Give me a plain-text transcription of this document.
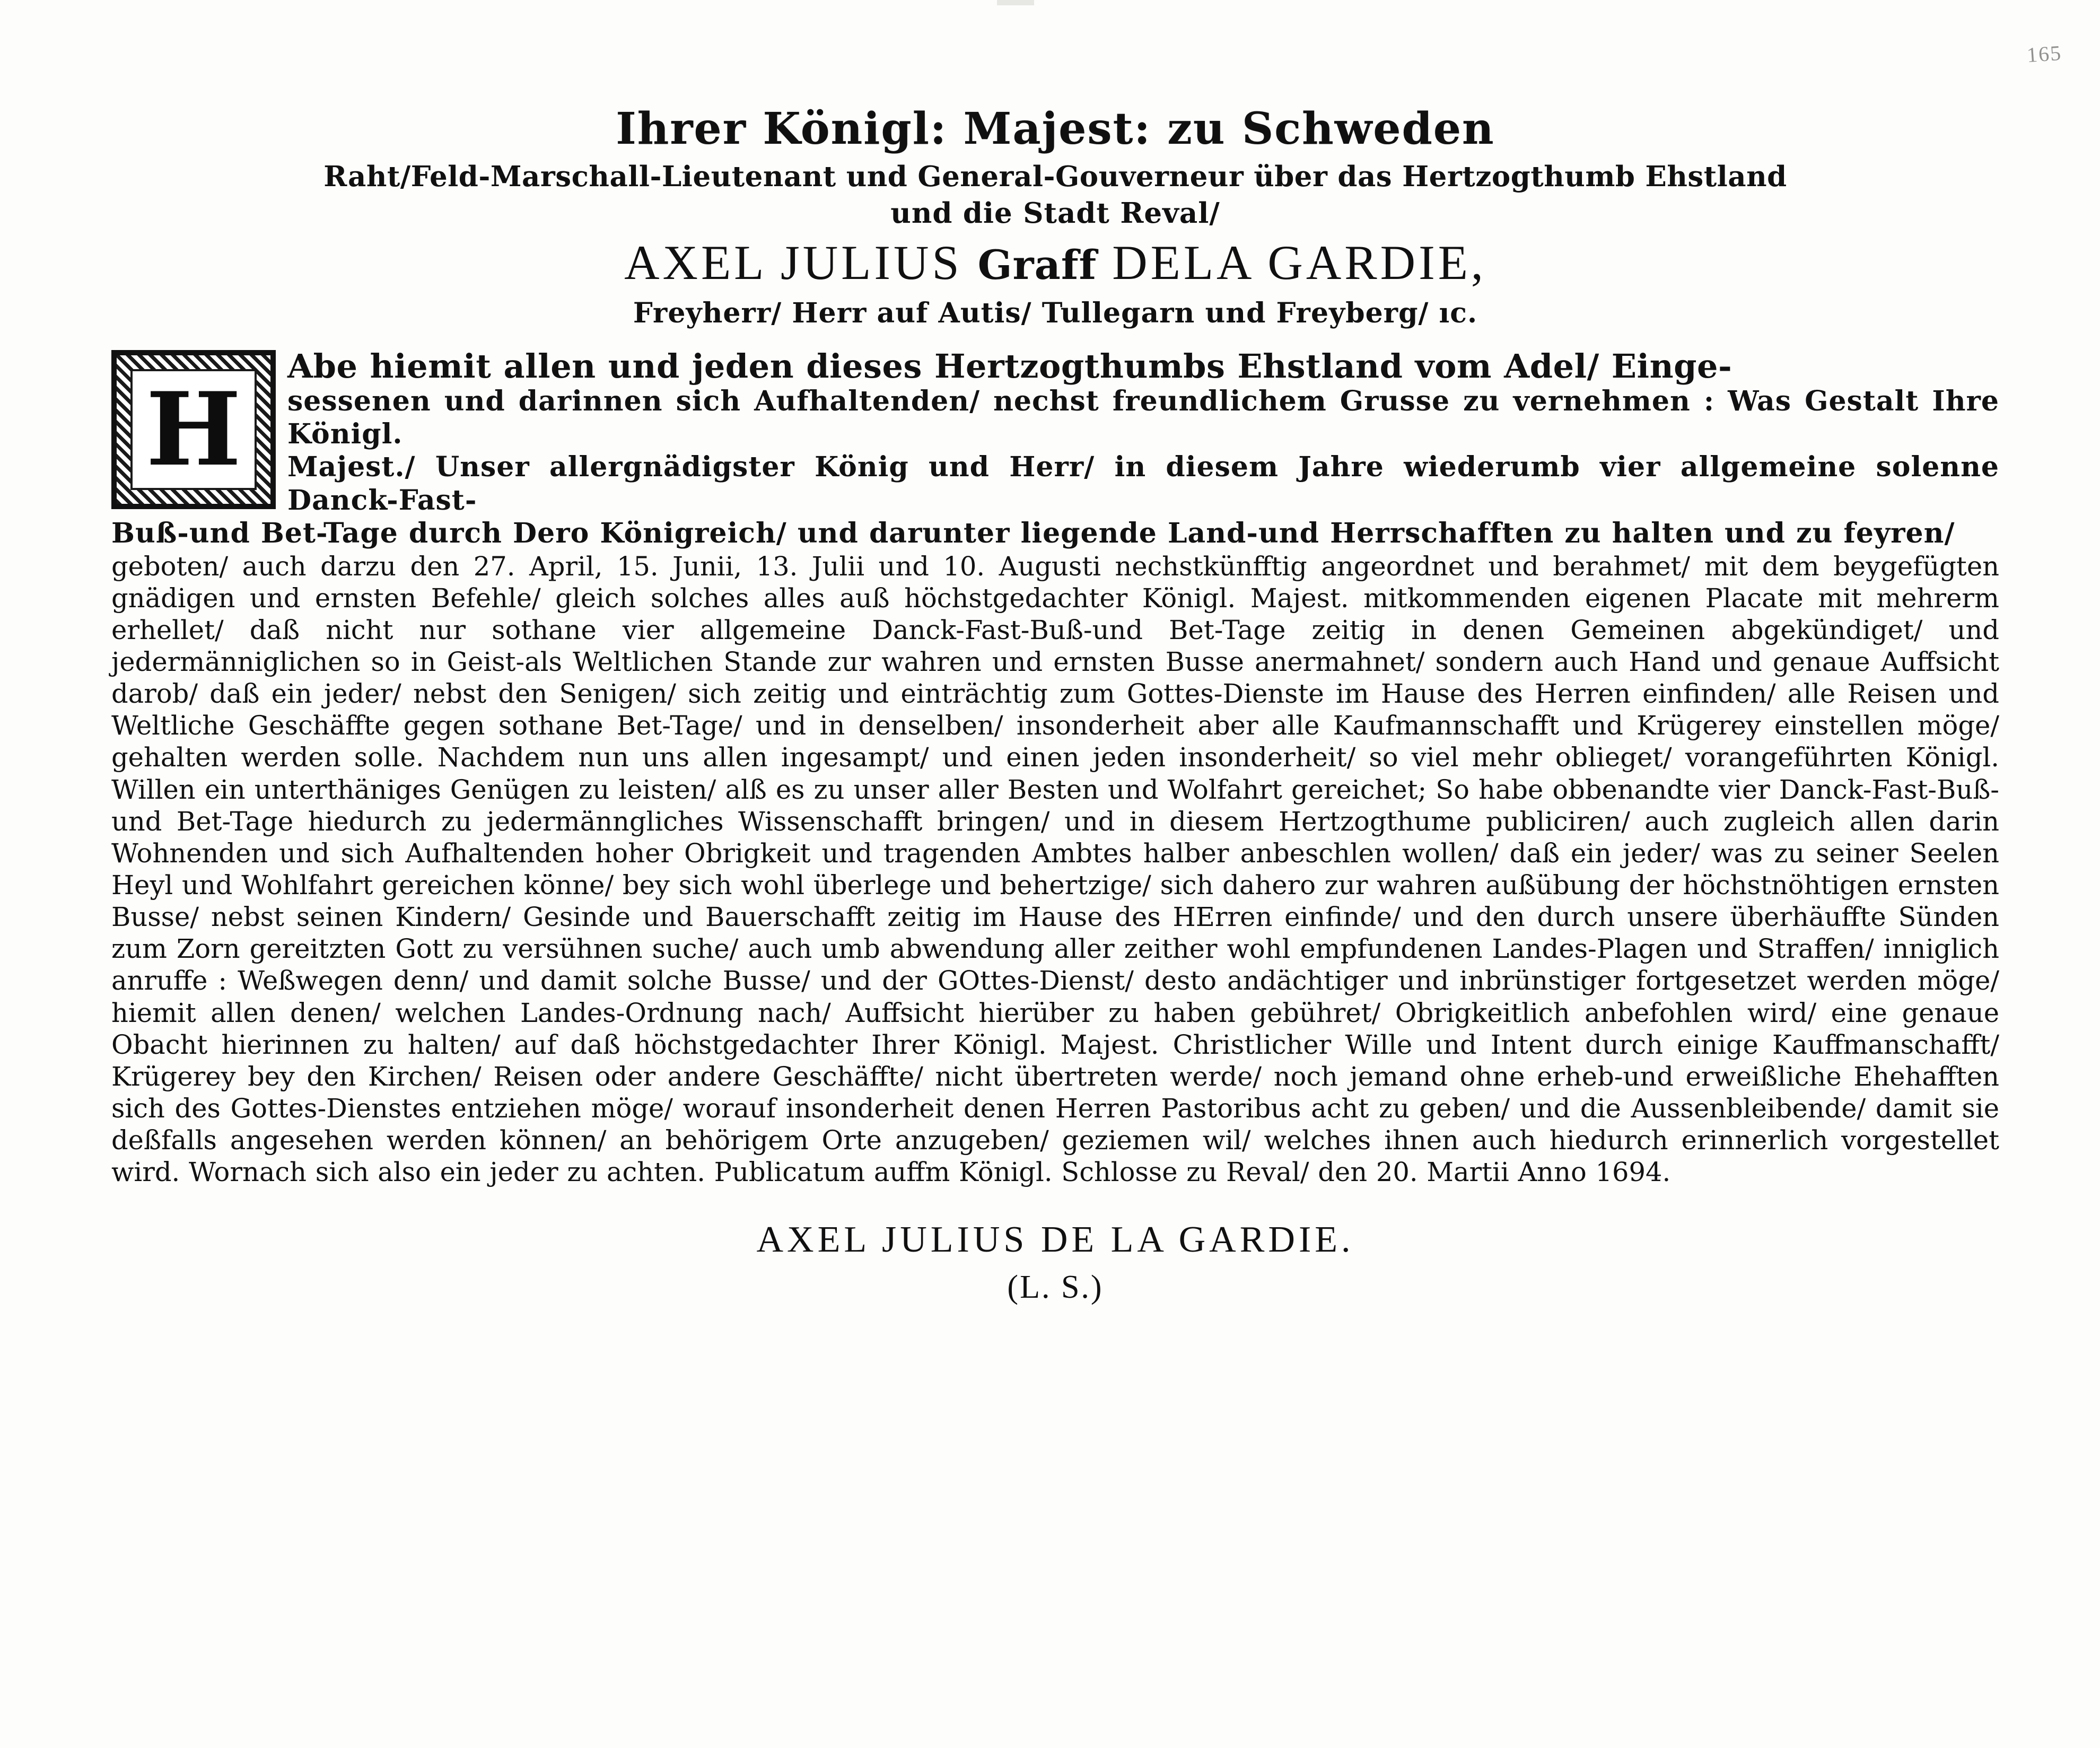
165
Ihrer Königl: Majest: zu Schweden
Raht/Feld-Marschall-Lieutenant und General-Gouverneur über das Hertzogthumb Ehstland
und die Stadt Reval/
AXEL JULIUS Graff DELA GARDIE,
Freyherr/ Herr auf Autis/ Tullegarn und Freyberg/ ıc.
H

Abe hiemit allen und jeden dieses Hertzogthumbs Ehstland vom Adel/ Einge-

sessenen und darinnen sich Aufhaltenden/ nechst freundlichem Grusse zu vernehmen : Was Gestalt Ihre Königl.

Majest./ Unser allergnädigster König und Herr/ in diesem Jahre wiederumb vier allgemeine solenne Danck-Fast-

Buß-und Bet-Tage durch Dero Königreich/ und darunter liegende Land-und Herrschafften zu halten und zu feyren/

geboten/ auch darzu den 27. April, 15. Junii, 13. Julii und 10. Augusti nechstkünfftig angeordnet und berahmet/ mit dem beygefügten gnädigen und ernsten Befehle/ gleich solches alles auß höchstgedachter Königl. Majest. mitkommenden eigenen Placate mit mehrerm erhellet/ daß nicht nur sothane vier allgemeine Danck-Fast-Buß-und Bet-Tage zeitig in denen Gemeinen abgekündiget/ und jedermänniglichen so in Geist-als Weltlichen Stande zur wahren und ernsten Busse anermahnet/ sondern auch Hand und genaue Auffsicht darob/ daß ein jeder/ nebst den Senigen/ sich zeitig und einträchtig zum Gottes-Dienste im Hause des Herren einfinden/ alle Reisen und Weltliche Geschäffte gegen sothane Bet-Tage/ und in denselben/ insonderheit aber alle Kaufmannschafft und Krügerey einstellen möge/ gehalten werden solle. Nachdem nun uns allen ingesampt/ und einen jeden insonderheit/ so viel mehr oblieget/ vorangeführten Königl. Willen ein unterthäniges Genügen zu leisten/ alß es zu unser aller Besten und Wolfahrt gereichet; So habe obbenandte vier Danck-Fast-Buß-und Bet-Tage hiedurch zu jedermänngliches Wissenschafft bringen/ und in diesem Hertzogthume publiciren/ auch zugleich allen darin Wohnenden und sich Aufhaltenden hoher Obrigkeit und tragenden Ambtes halber anbeschlen wollen/ daß ein jeder/ was zu seiner Seelen Heyl und Wohlfahrt gereichen könne/ bey sich wohl überlege und behertzige/ sich dahero zur wahren außübung der höchstnöhtigen ernsten Busse/ nebst seinen Kindern/ Gesinde und Bauerschafft zeitig im Hause des HErren einfinde/ und den durch unsere überhäuffte Sünden zum Zorn gereitzten Gott zu versühnen suche/ auch umb abwendung aller zeither wohl empfundenen Landes-Plagen und Straffen/ inniglich anruffe : Weßwegen denn/ und damit solche Busse/ und der GOttes-Dienst/ desto andächtiger und inbrünstiger fortgesetzet werden möge/ hiemit allen denen/ welchen Landes-Ordnung nach/ Auffsicht hierüber zu haben gebühret/ Obrigkeitlich anbefohlen wird/ eine genaue Obacht hierinnen zu halten/ auf daß höchstgedachter Ihrer Königl. Majest. Christlicher Wille und Intent durch einige Kauffmanschafft/ Krügerey bey den Kirchen/ Reisen oder andere Geschäffte/ nicht übertreten werde/ noch jemand ohne erheb-und erweißliche Ehehafften sich des Gottes-Dienstes entziehen möge/ worauf insonderheit denen Herren Pastoribus acht zu geben/ und die Aussenbleibende/ damit sie deßfalls angesehen werden können/ an behörigem Orte anzugeben/ geziemen wil/ welches ihnen auch hiedurch erinnerlich vorgestellet wird. Wornach sich also ein jeder zu achten. Publicatum auffm Königl. Schlosse zu Reval/ den 20. Martii Anno 1694.

AXEL JULIUS DE LA GARDIE.
(L. S.)
